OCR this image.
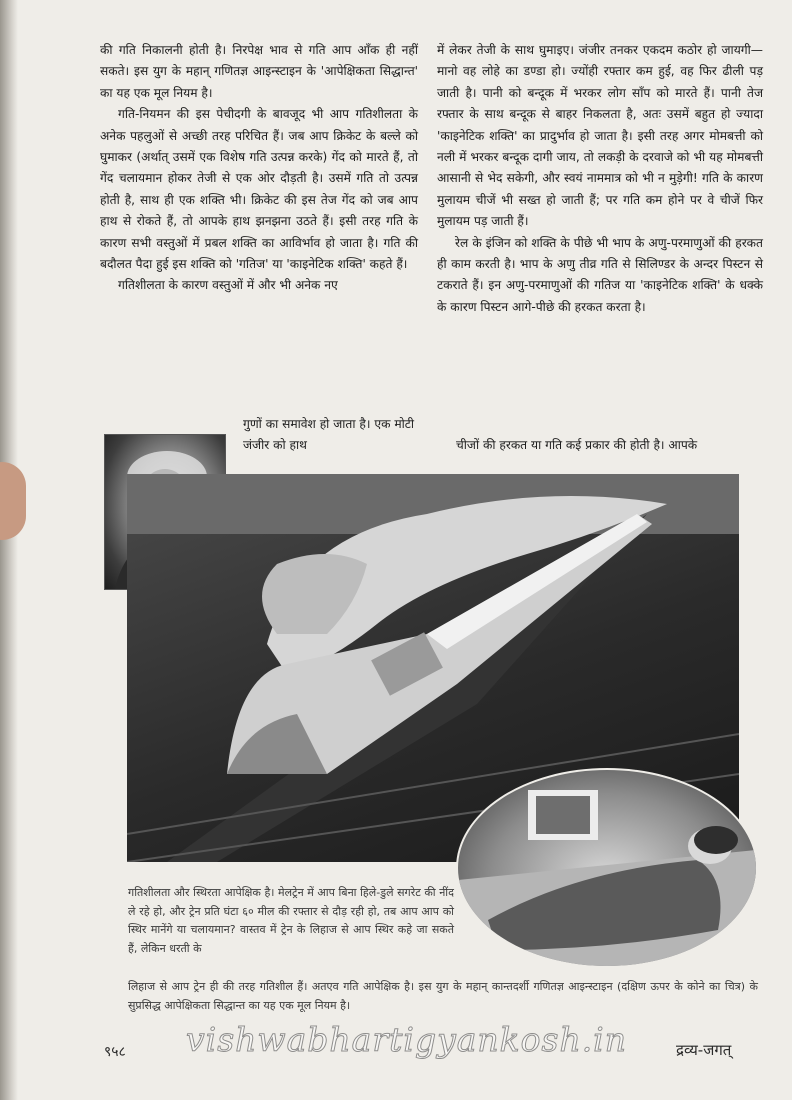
की गति निकालनी होती है। निरपेक्ष भाव से गति आप आँक ही नहीं सकते। इस युग के महान् गणितज्ञ आइन्स्टाइन के 'आपेक्षिकता सिद्धान्त' का यह एक मूल नियम है।

गति-नियमन की इस पेचीदगी के बावजूद भी आप गतिशीलता के अनेक पहलुओं से अच्छी तरह परिचित हैं। जब आप क्रिकेट के बल्ले को घुमाकर (अर्थात् उसमें एक विशेष गति उत्पन्न करके) गेंद को मारते हैं, तो गेंद चलायमान होकर तेजी से एक ओर दौड़ती है। उसमें गति तो उत्पन्न होती है, साथ ही एक शक्ति भी। क्रिकेट की इस तेज गेंद को जब आप हाथ से रोकते हैं, तो आपके हाथ झनझना उठते हैं। इसी तरह गति के कारण सभी वस्तुओं में प्रबल शक्ति का आविर्भाव हो जाता है। गति की बदौलत पैदा हुई इस शक्ति को 'गतिज' या 'काइनेटिक शक्ति' कहते हैं।

गतिशीलता के कारण वस्तुओं में और भी अनेक नए

गुणों का समावेश हो जाता है। एक मोटी जंजीर को हाथ

में लेकर तेजी के साथ घुमाइए। जंजीर तनकर एकदम कठोर हो जायगी—मानो वह लोहे का डण्डा हो। ज्योंही रफ्तार कम हुई, वह फिर ढीली पड़ जाती है। पानी को बन्दूक में भरकर लोग साँप को मारते हैं। पानी तेज रफ्तार के साथ बन्दूक से बाहर निकलता है, अतः उसमें बहुत हो ज्यादा 'काइनेटिक शक्ति' का प्रादुर्भाव हो जाता है। इसी तरह अगर मोमबत्ती को नली में भरकर बन्दूक दागी जाय, तो लकड़ी के दरवाजे को भी यह मोमबत्ती आसानी से भेद सकेगी, और स्वयं नाममात्र को भी न मुड़ेगी! गति के कारण मुलायम चीजें भी सख्त हो जाती हैं; पर गति कम होने पर वे चीजें फिर मुलायम पड़ जाती हैं।

रेल के इंजिन को शक्ति के पीछे भी भाप के अणु-परमाणुओं की हरकत ही काम करती है। भाप के अणु तीव्र गति से सिलिण्डर के अन्दर पिस्टन से टकराते हैं। इन अणु-परमाणुओं की गतिज या 'काइनेटिक शक्ति' के धक्के के कारण पिस्टन आगे-पीछे की हरकत करता है।

चीजों की हरकत या गति कई प्रकार की होती है। आपके
गतिशीलता और स्थिरता आपेक्षिक है। मेलट्रेन में आप बिना हिले-डुले सगरेट की नींद ले रहे हो, और ट्रेन प्रति घंटा ६० मील की रफ्तार से दौड़ रही हो, तब आप आप को स्थिर मानेंगे या चलायमान? वास्तव में ट्रेन के लिहाज से आप स्थिर कहे जा सकते हैं, लेकिन धरती के
लिहाज से आप ट्रेन ही की तरह गतिशील हैं। अतएव गति आपेक्षिक है। इस युग के महान् कान्तदर्शी गणितज्ञ आइन्स्टाइन (दक्षिण ऊपर के कोने का चित्र) के सुप्रसिद्ध आपेक्षिकता सिद्धान्त का यह एक मूल नियम है।
vishwabhartigyankosh.in
९५८	द्रव्य-जगत्
